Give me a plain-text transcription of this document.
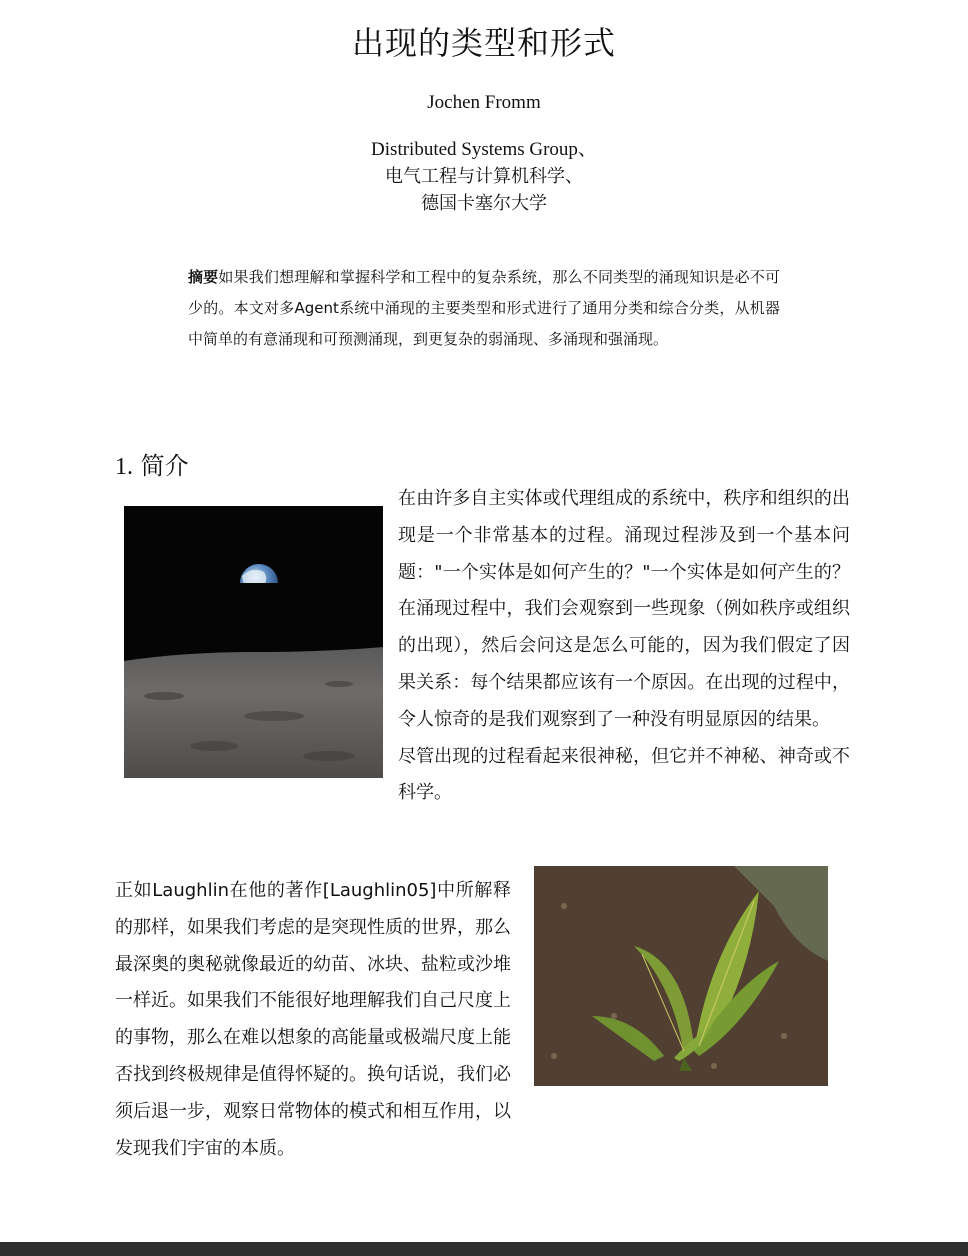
出现的类型和形式
Jochen Fromm
Distributed Systems Group、
电气工程与计算机科学、
德国卡塞尔大学
摘要如果我们想理解和掌握科学和工程中的复杂系统，那么不同类型的涌现知识是必不可少的。本文对多Agent系统中涌现的主要类型和形式进行了通用分类和综合分类，从机器中简单的有意涌现和可预测涌现，到更复杂的弱涌现、多涌现和强涌现。
1. 简介
在由许多自主实体或代理组成的系统中，秩序和组织的出现是一个非常基本的过程。涌现过程涉及到一个基本问题："一个实体是如何产生的？"一个实体是如何产生的？在涌现过程中，我们会观察到一些现象（例如秩序或组织的出现），然后会问这是怎么可能的，因为我们假定了因果关系：每个结果都应该有一个原因。在出现的过程中，令人惊奇的是我们观察到了一种没有明显原因的结果。
尽管出现的过程看起来很神秘，但它并不神秘、神奇或不科学。
正如Laughlin在他的著作[Laughlin05]中所解释的那样，如果我们考虑的是突现性质的世界，那么最深奥的奥秘就像最近的幼苗、冰块、盐粒或沙堆一样近。如果我们不能很好地理解我们自己尺度上的事物，那么在难以想象的高能量或极端尺度上能否找到终极规律是值得怀疑的。换句话说，我们必须后退一步，观察日常物体的模式和相互作用，以发现我们宇宙的本质。
